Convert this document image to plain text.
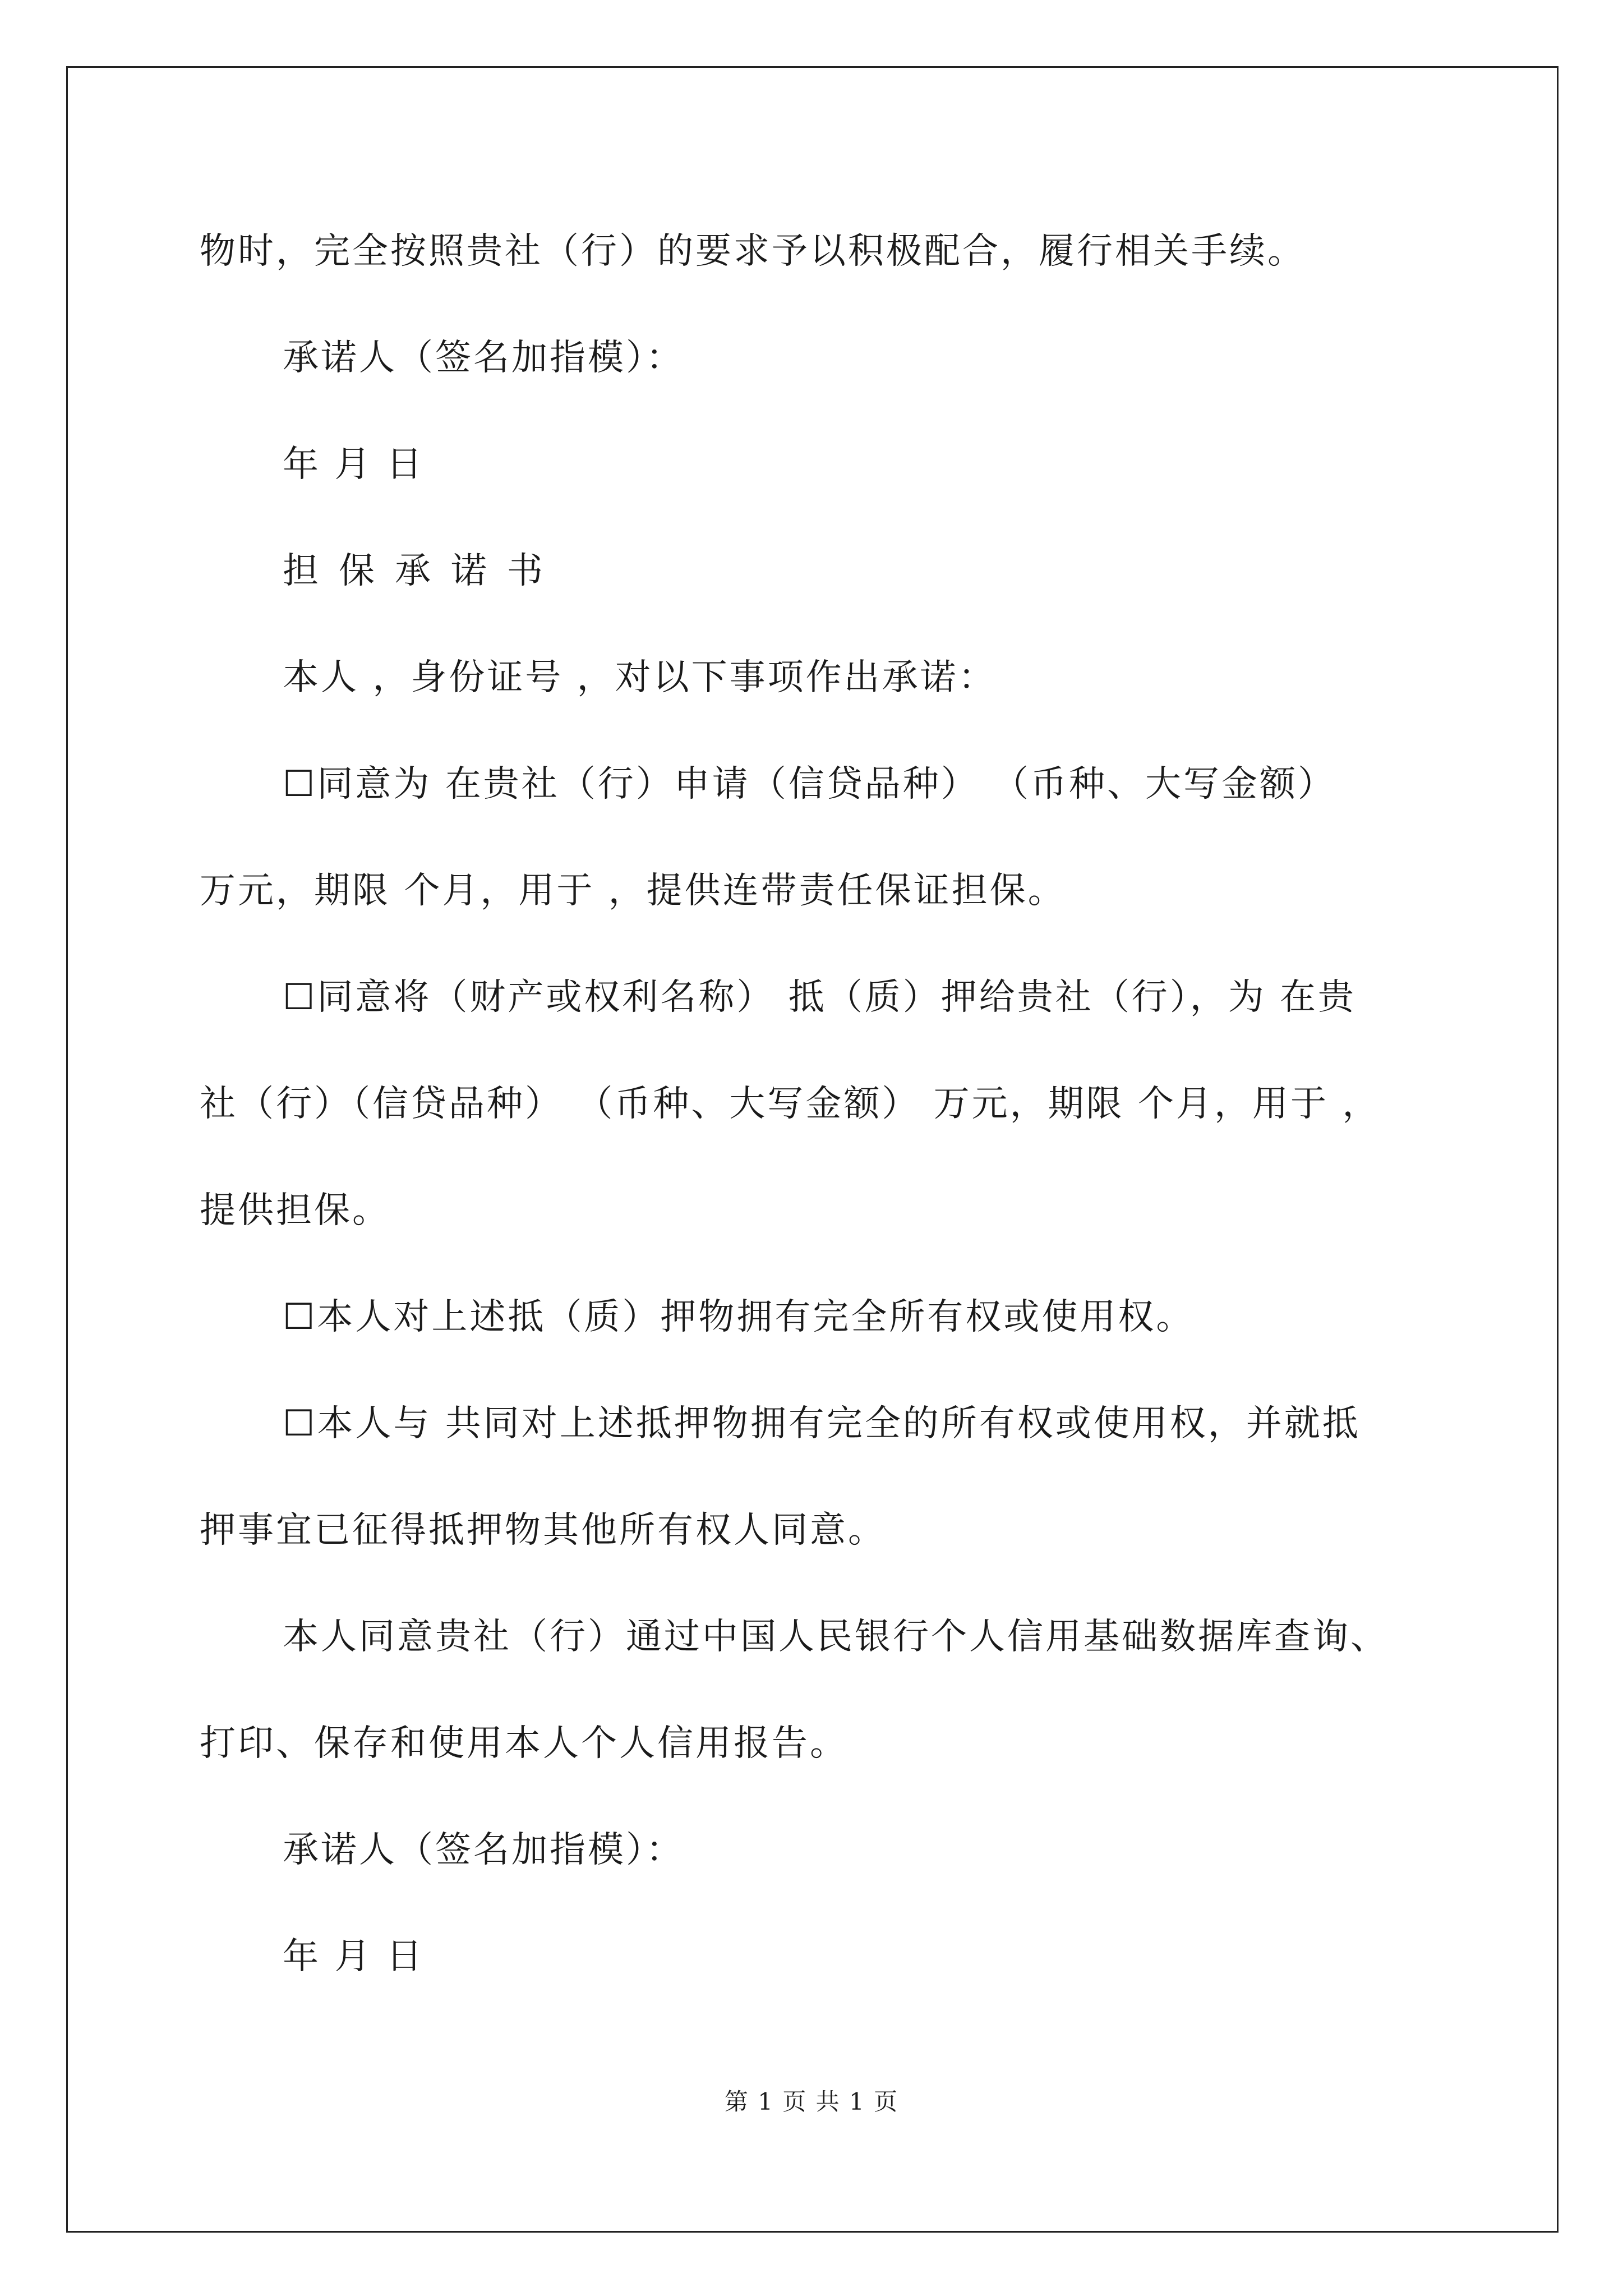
物时，完全按照贵社（行）的要求予以积极配合，履行相关手续。
承诺人（签名加指模）：
年 月 日
担保承诺书
本人 ，身份证号 ，对以下事项作出承诺：
☐同意为 在贵社（行）申请（信贷品种） （币种、大写金额）
万元，期限 个月，用于 ，提供连带责任保证担保。
☐同意将（财产或权利名称） 抵（质）押给贵社（行），为 在贵
社（行）（信贷品种） （币种、大写金额） 万元，期限 个月，用于 ，
提供担保。
☐本人对上述抵（质）押物拥有完全所有权或使用权。
☐本人与 共同对上述抵押物拥有完全的所有权或使用权，并就抵
押事宜已征得抵押物其他所有权人同意。
本人同意贵社（行）通过中国人民银行个人信用基础数据库查询、
打印、保存和使用本人个人信用报告。
承诺人（签名加指模）：
年 月 日
第 1 页 共 1 页
